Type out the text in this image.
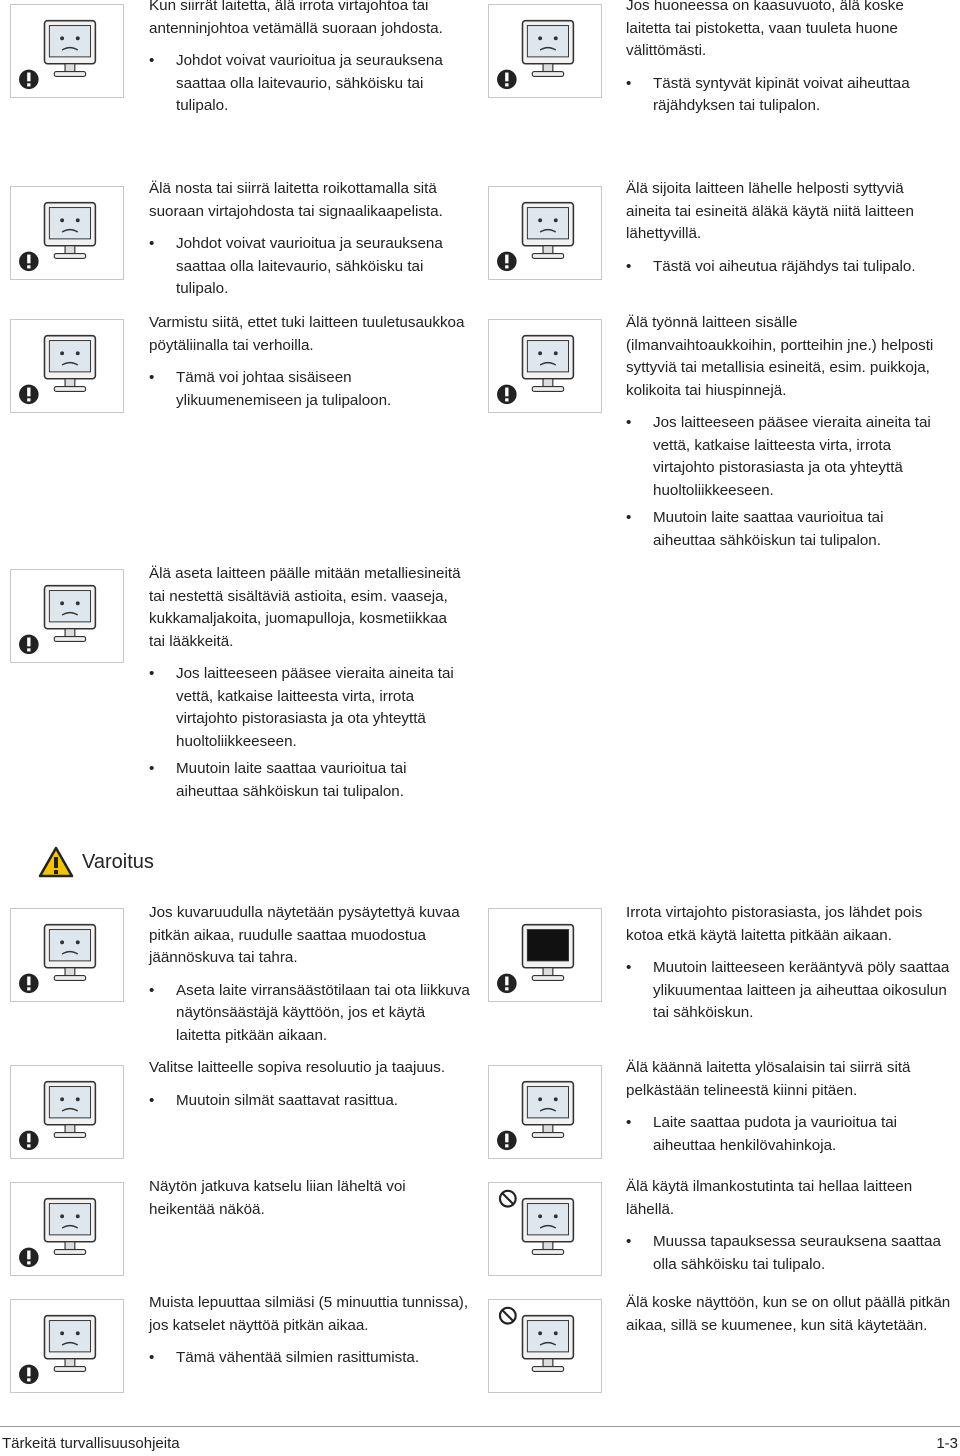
Kun siirrät laitetta, älä irrota virtajohtoa tai antenninjohtoa vetämällä suoraan johdosta.

• Johdot voivat vaurioitua ja seurauksena saattaa olla laitevaurio, sähköisku tai tulipalo.

Jos huoneessa on kaasuvuoto, älä koske laitetta tai pistoketta, vaan tuuleta huone välittömästi.

• Tästä syntyvät kipinät voivat aiheuttaa räjähdyksen tai tulipalon.

Älä nosta tai siirrä laitetta roikottamalla sitä suoraan virtajohdosta tai signaalikaapelista.

• Johdot voivat vaurioitua ja seurauksena saattaa olla laitevaurio, sähköisku tai tulipalo.

Älä sijoita laitteen lähelle helposti syttyviä aineita tai esineitä äläkä käytä niitä laitteen lähettyvillä.

• Tästä voi aiheutua räjähdys tai tulipalo.

Varmistu siitä, ettet tuki laitteen tuuletusaukkoa pöytäliinalla tai verhoilla.

• Tämä voi johtaa sisäiseen ylikuumenemiseen ja tulipaloon.

Älä työnnä laitteen sisälle (ilmanvaihtoaukkoihin, portteihin jne.) helposti syttyviä tai metallisia esineitä, esim. puikkoja, kolikoita tai hiuspinnejä.

• Jos laitteeseen pääsee vieraita aineita tai vettä, katkaise laitteesta virta, irrota virtajohto pistorasiasta ja ota yhteyttä huoltoliikkeeseen.
• Muutoin laite saattaa vaurioitua tai aiheuttaa sähköiskun tai tulipalon.

Älä aseta laitteen päälle mitään metalliesineitä tai nestettä sisältäviä astioita, esim. vaaseja, kukkamaljakoita, juomapulloja, kosmetiikkaa tai lääkkeitä.

• Jos laitteeseen pääsee vieraita aineita tai vettä, katkaise laitteesta virta, irrota virtajohto pistorasiasta ja ota yhteyttä huoltoliikkeeseen.
• Muutoin laite saattaa vaurioitua tai aiheuttaa sähköiskun tai tulipalon.
Varoitus

Jos kuvaruudulla näytetään pysäytettyä kuvaa pitkän aikaa, ruudulle saattaa muodostua jäännöskuva tai tahra.

• Aseta laite virransäästötilaan tai ota liikkuva näytönsäästäjä käyttöön, jos et käytä laitetta pitkään aikaan.

Irrota virtajohto pistorasiasta, jos lähdet pois kotoa etkä käytä laitetta pitkään aikaan.

• Muutoin laitteeseen kerääntyvä pöly saattaa ylikuumentaa laitteen ja aiheuttaa oikosulun tai sähköiskun.

Valitse laitteelle sopiva resoluutio ja taajuus.

• Muutoin silmät saattavat rasittua.

Älä käännä laitetta ylösalaisin tai siirrä sitä pelkästään telineestä kiinni pitäen.

• Laite saattaa pudota ja vaurioitua tai aiheuttaa henkilövahinkoja.

Näytön jatkuva katselu liian läheltä voi heikentää näköä.

Älä käytä ilmankostutinta tai hellaa laitteen lähellä.

• Muussa tapauksessa seurauksena saattaa olla sähköisku tai tulipalo.

Muista lepuuttaa silmiäsi (5 minuuttia tunnissa), jos katselet näyttöä pitkän aikaa.

• Tämä vähentää silmien rasittumista.

Älä koske näyttöön, kun se on ollut päällä pitkän aikaa, sillä se kuumenee, kun sitä käytetään.

Tärkeitä turvallisuusohjeita	1-3
